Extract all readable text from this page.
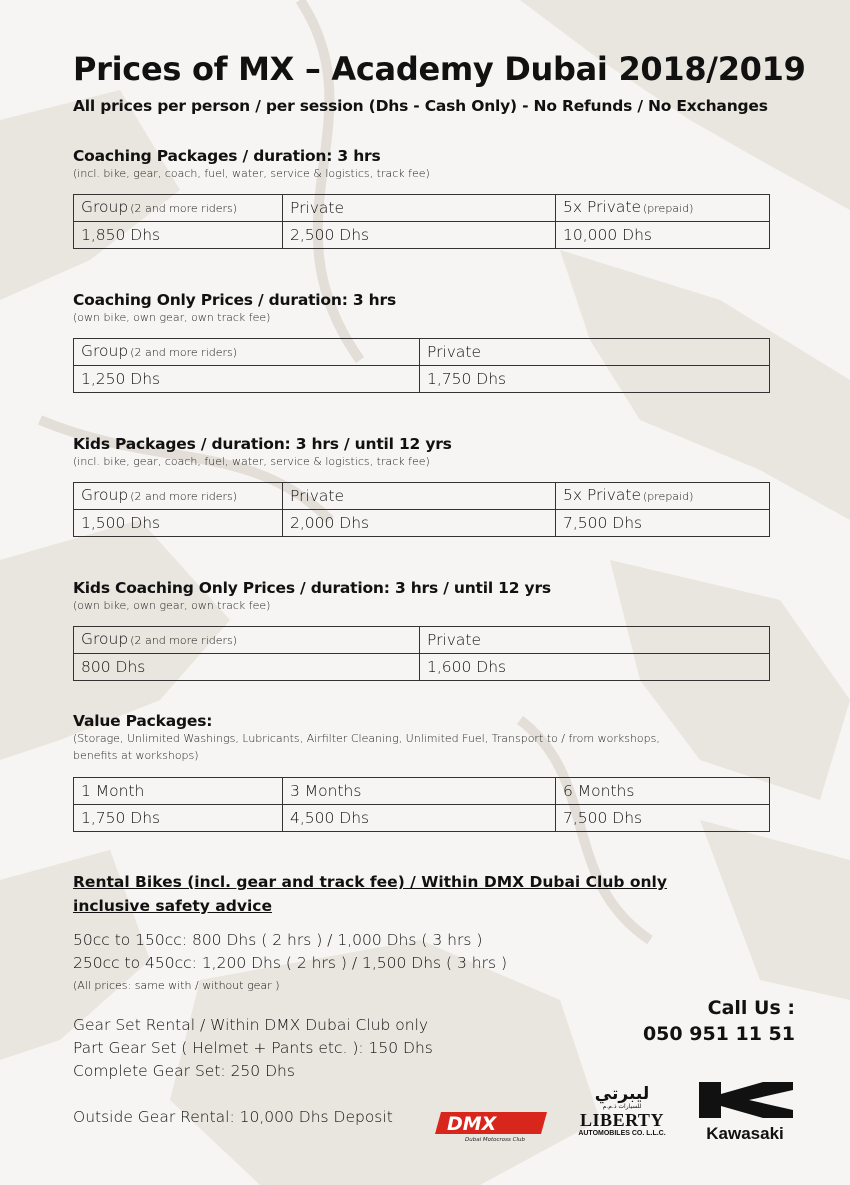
Prices of MX – Academy Dubai 2018/2019
All prices per person / per session (Dhs - Cash Only) - No Refunds / No Exchanges
Coaching Packages / duration: 3 hrs
(incl. bike, gear, coach, fuel, water, service & logistics, track fee)
Group (2 and more riders)	Private	5x Private (prepaid)
1,850 Dhs	2,500 Dhs	10,000 Dhs
Coaching Only Prices / duration: 3 hrs
(own bike, own gear, own track fee)
Group (2 and more riders)	Private
1,250 Dhs	1,750 Dhs
Kids Packages / duration: 3 hrs / until 12 yrs
(incl. bike, gear, coach, fuel, water, service & logistics, track fee)
Group (2 and more riders)	Private	5x Private (prepaid)
1,500 Dhs	2,000 Dhs	7,500 Dhs
Kids Coaching Only Prices / duration: 3 hrs / until 12 yrs
(own bike, own gear, own track fee)
Group (2 and more riders)	Private
800 Dhs	1,600 Dhs
Value Packages:
(Storage, Unlimited Washings, Lubricants, Airfilter Cleaning, Unlimited Fuel, Transport to / from workshops,
benefits at workshops)
1 Month	3 Months	6 Months
1,750 Dhs	4,500 Dhs	7,500 Dhs
Rental Bikes (incl. gear and track fee) / Within DMX Dubai Club only
inclusive safety advice
50cc to 150cc: 800 Dhs ( 2 hrs ) / 1,000 Dhs ( 3 hrs )
250cc to 450cc: 1,200 Dhs ( 2 hrs ) / 1,500 Dhs ( 3 hrs )
(All prices: same with / without gear )
Gear Set Rental / Within DMX Dubai Club only
Part Gear Set ( Helmet + Pants etc. ): 150 Dhs
Complete Gear Set: 250 Dhs
Outside Gear Rental: 10,000 Dhs Deposit
Call Us :
050 951 11 51
DMX
Dubai Motocross Club
ليبرتي
للسيارات ذ.م.م
LIBERTY
AUTOMOBILES CO. L.L.C.	Kawasaki
